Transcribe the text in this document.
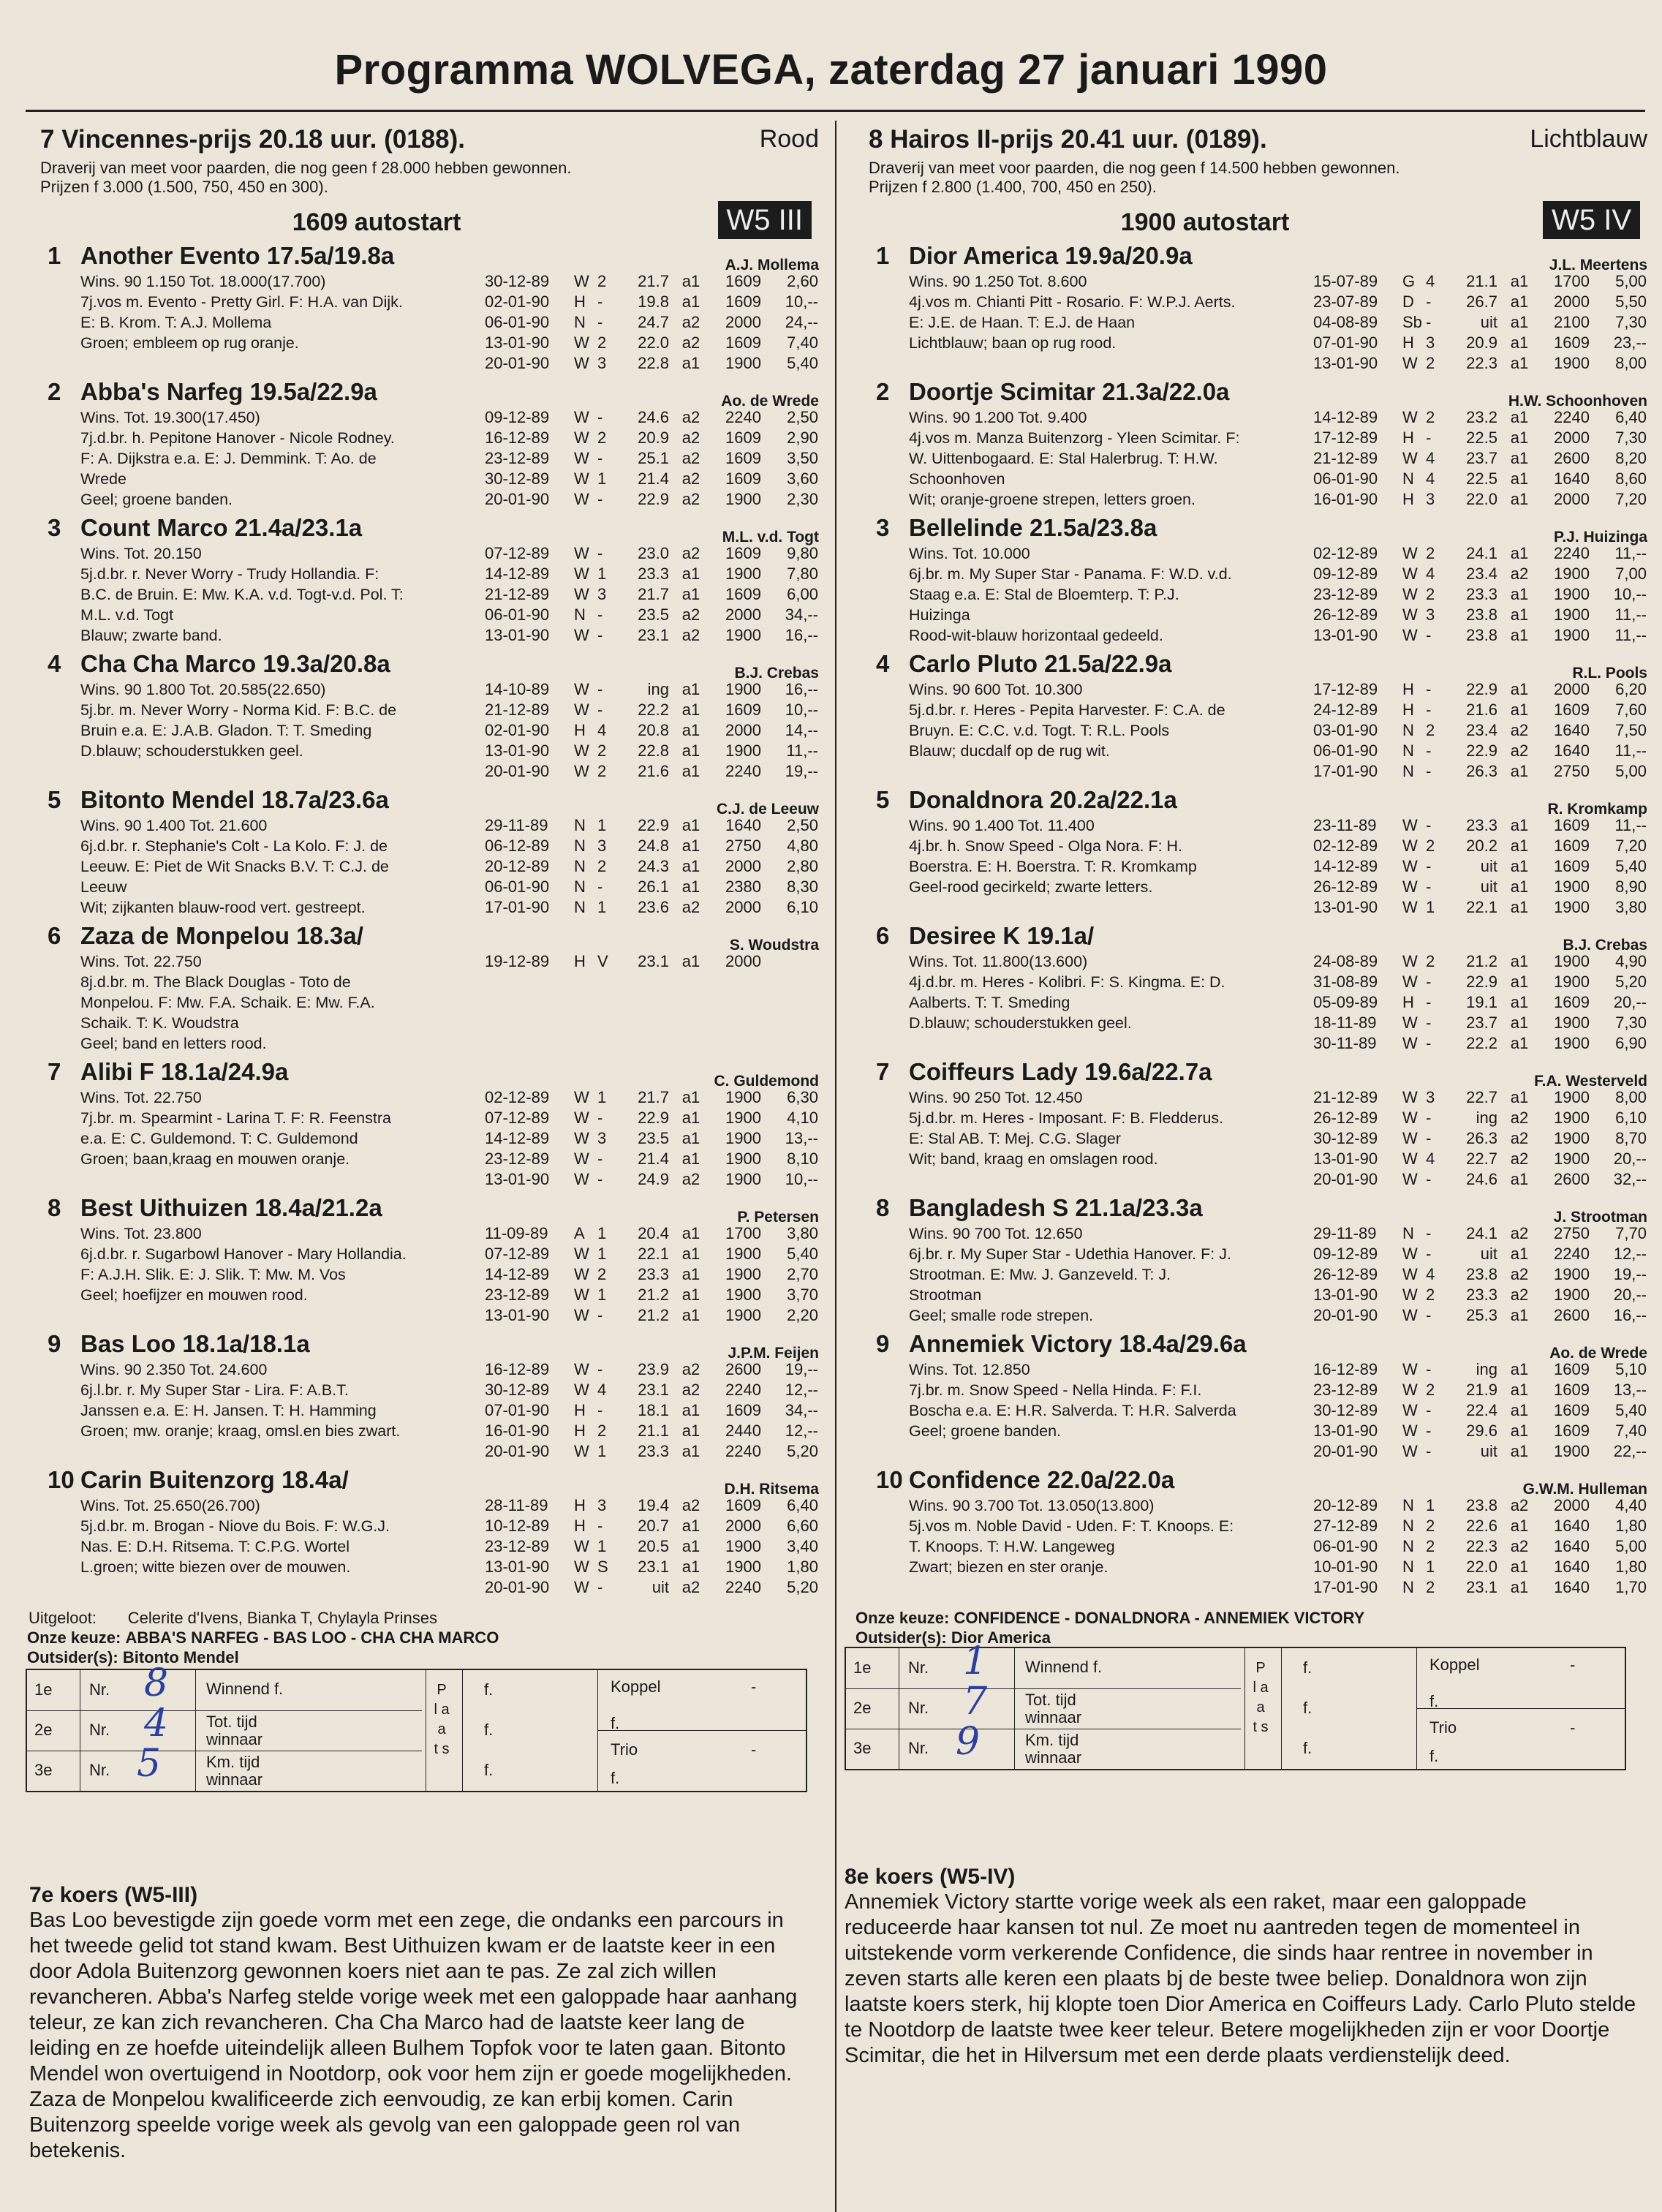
Programma WOLVEGA, zaterdag 27 januari 1990
7 Vincennes-prijs 20.18 uur. (0188).	Rood
Draverij van meet voor paarden, die nog geen f 28.000 hebben gewonnen.
Prijzen f 3.000 (1.500, 750, 450 en 300).
1609 autostart	W5 III
1 Another Evento 17.5a/19.8a	A.J. Mollema
Wins. 90 1.150 Tot. 18.000(17.700)
7j.vos m. Evento - Pretty Girl. F: H.A. van Dijk.
E: B. Krom. T: A.J. Mollema
Groen; embleem op rug oranje.
30-12-89	W 2	21.7 a1	1609	2,60
02-01-90	H -	19.8 a1	1609	10,--
06-01-90	N -	24.7 a2	2000	24,--
13-01-90	W 2	22.0 a2	1609	7,40
20-01-90	W 3	22.8 a1	1900	5,40
2 Abba's Narfeg 19.5a/22.9a	Ao. de Wrede
Wins. Tot. 19.300(17.450)
7j.d.br. h. Pepitone Hanover - Nicole Rodney.
F: A. Dijkstra e.a. E: J. Demmink. T: Ao. de
Wrede
Geel; groene banden.
09-12-89	W -	24.6 a2	2240	2,50
16-12-89	W 2	20.9 a2	1609	2,90
23-12-89	W -	25.1 a2	1609	3,50
30-12-89	W 1	21.4 a2	1609	3,60
20-01-90	W -	22.9 a2	1900	2,30
3 Count Marco 21.4a/23.1a	M.L. v.d. Togt
Wins. Tot. 20.150
5j.d.br. r. Never Worry - Trudy Hollandia. F:
B.C. de Bruin. E: Mw. K.A. v.d. Togt-v.d. Pol. T:
M.L. v.d. Togt
Blauw; zwarte band.
07-12-89	W -	23.0 a2	1609	9,80
14-12-89	W 1	23.3 a1	1900	7,80
21-12-89	W 3	21.7 a1	1609	6,00
06-01-90	N -	23.5 a2	2000	34,--
13-01-90	W -	23.1 a2	1900	16,--
4 Cha Cha Marco 19.3a/20.8a	B.J. Crebas
Wins. 90 1.800 Tot. 20.585(22.650)
5j.br. m. Never Worry - Norma Kid. F: B.C. de
Bruin e.a. E: J.A.B. Gladon. T: T. Smeding
D.blauw; schouderstukken geel.
14-10-89	W -	ing a1	1900	16,--
21-12-89	W -	22.2 a1	1609	10,--
02-01-90	H 4	20.8 a1	2000	14,--
13-01-90	W 2	22.8 a1	1900	11,--
20-01-90	W 2	21.6 a1	2240	19,--
5 Bitonto Mendel 18.7a/23.6a	C.J. de Leeuw
Wins. 90 1.400 Tot. 21.600
6j.d.br. r. Stephanie's Colt - La Kolo. F: J. de
Leeuw. E: Piet de Wit Snacks B.V. T: C.J. de
Leeuw
Wit; zijkanten blauw-rood vert. gestreept.
29-11-89	N 1	22.9 a1	1640	2,50
06-12-89	N 3	24.8 a1	2750	4,80
20-12-89	N 2	24.3 a1	2000	2,80
06-01-90	N -	26.1 a1	2380	8,30
17-01-90	N 1	23.6 a2	2000	6,10
6 Zaza de Monpelou 18.3a/	S. Woudstra
Wins. Tot. 22.750
8j.d.br. m. The Black Douglas - Toto de
Monpelou. F: Mw. F.A. Schaik. E: Mw. F.A.
Schaik. T: K. Woudstra
Geel; band en letters rood.
19-12-89	H V	23.1 a1	2000
7 Alibi F 18.1a/24.9a	C. Guldemond
Wins. Tot. 22.750
7j.br. m. Spearmint - Larina T. F: R. Feenstra
e.a. E: C. Guldemond. T: C. Guldemond
Groen; baan,kraag en mouwen oranje.
02-12-89	W 1	21.7 a1	1900	6,30
07-12-89	W -	22.9 a1	1900	4,10
14-12-89	W 3	23.5 a1	1900	13,--
23-12-89	W -	21.4 a1	1900	8,10
13-01-90	W -	24.9 a2	1900	10,--
8 Best Uithuizen 18.4a/21.2a	P. Petersen
Wins. Tot. 23.800
6j.d.br. r. Sugarbowl Hanover - Mary Hollandia.
F: A.J.H. Slik. E: J. Slik. T: Mw. M. Vos
Geel; hoefijzer en mouwen rood.
11-09-89	A 1	20.4 a1	1700	3,80
07-12-89	W 1	22.1 a1	1900	5,40
14-12-89	W 2	23.3 a1	1900	2,70
23-12-89	W 1	21.2 a1	1900	3,70
13-01-90	W -	21.2 a1	1900	2,20
9 Bas Loo 18.1a/18.1a	J.P.M. Feijen
Wins. 90 2.350 Tot. 24.600
6j.l.br. r. My Super Star - Lira. F: A.B.T.
Janssen e.a. E: H. Jansen. T: H. Hamming
Groen; mw. oranje; kraag, omsl.en bies zwart.
16-12-89	W -	23.9 a2	2600	19,--
30-12-89	W 4	23.1 a2	2240	12,--
07-01-90	H -	18.1 a1	1609	34,--
16-01-90	H 2	21.1 a1	2440	12,--
20-01-90	W 1	23.3 a1	2240	5,20
10 Carin Buitenzorg 18.4a/	D.H. Ritsema
Wins. Tot. 25.650(26.700)
5j.d.br. m. Brogan - Niove du Bois. F: W.G.J.
Nas. E: D.H. Ritsema. T: C.P.G. Wortel
L.groen; witte biezen over de mouwen.
28-11-89	H 3	19.4 a2	1609	6,40
10-12-89	H -	20.7 a1	2000	6,60
23-12-89	W 1	20.5 a1	1900	3,40
13-01-90	W S	23.1 a1	1900	1,80
20-01-90	W -	uit a2	2240	5,20
Uitgeloot: Celerite d'Ivens, Bianka T, Chylayla Prinses
Onze keuze: ABBA'S NARFEG - BAS LOO - CHA CHA MARCO
Outsider(s): Bitonto Mendel
8 Hairos II-prijs 20.41 uur. (0189).	Lichtblauw
Draverij van meet voor paarden, die nog geen f 14.500 hebben gewonnen.
Prijzen f 2.800 (1.400, 700, 450 en 250).
1900 autostart	W5 IV
1 Dior America 19.9a/20.9a	J.L. Meertens
Wins. 90 1.250 Tot. 8.600
4j.vos m. Chianti Pitt - Rosario. F: W.P.J. Aerts.
E: J.E. de Haan. T: E.J. de Haan
Lichtblauw; baan op rug rood.
15-07-89	G 4	21.1 a1	1700	5,00
23-07-89	D -	26.7 a1	2000	5,50
04-08-89	Sb -	uit a1	2100	7,30
07-01-90	H 3	20.9 a1	1609	23,--
13-01-90	W 2	22.3 a1	1900	8,00
2 Doortje Scimitar 21.3a/22.0a	H.W. Schoonhoven
Wins. 90 1.200 Tot. 9.400
4j.vos m. Manza Buitenzorg - Yleen Scimitar. F:
W. Uittenbogaard. E: Stal Halerbrug. T: H.W.
Schoonhoven
Wit; oranje-groene strepen, letters groen.
14-12-89	W 2	23.2 a1	2240	6,40
17-12-89	H -	22.5 a1	2000	7,30
21-12-89	W 4	23.7 a1	2600	8,20
06-01-90	N 4	22.5 a1	1640	8,60
16-01-90	H 3	22.0 a1	2000	7,20
3 Bellelinde 21.5a/23.8a	P.J. Huizinga
Wins. Tot. 10.000
6j.br. m. My Super Star - Panama. F: W.D. v.d.
Staag e.a. E: Stal de Bloemterp. T: P.J.
Huizinga
Rood-wit-blauw horizontaal gedeeld.
02-12-89	W 2	24.1 a1	2240	11,--
09-12-89	W 4	23.4 a2	1900	7,00
23-12-89	W 2	23.3 a1	1900	10,--
26-12-89	W 3	23.8 a1	1900	11,--
13-01-90	W -	23.8 a1	1900	11,--
4 Carlo Pluto 21.5a/22.9a	R.L. Pools
Wins. 90 600 Tot. 10.300
5j.d.br. r. Heres - Pepita Harvester. F: C.A. de
Bruyn. E: C.C. v.d. Togt. T: R.L. Pools
Blauw; ducdalf op de rug wit.
17-12-89	H -	22.9 a1	2000	6,20
24-12-89	H -	21.6 a1	1609	7,60
03-01-90	N 2	23.4 a2	1640	7,50
06-01-90	N -	22.9 a2	1640	11,--
17-01-90	N -	26.3 a1	2750	5,00
5 Donaldnora 20.2a/22.1a	R. Kromkamp
Wins. 90 1.400 Tot. 11.400
4j.br. h. Snow Speed - Olga Nora. F: H.
Boerstra. E: H. Boerstra. T: R. Kromkamp
Geel-rood gecirkeld; zwarte letters.
23-11-89	W -	23.3 a1	1609	11,--
02-12-89	W 2	20.2 a1	1609	7,20
14-12-89	W -	uit a1	1609	5,40
26-12-89	W -	uit a1	1900	8,90
13-01-90	W 1	22.1 a1	1900	3,80
6 Desiree K 19.1a/	B.J. Crebas
Wins. Tot. 11.800(13.600)
4j.d.br. m. Heres - Kolibri. F: S. Kingma. E: D.
Aalberts. T: T. Smeding
D.blauw; schouderstukken geel.
24-08-89	W 2	21.2 a1	1900	4,90
31-08-89	W -	22.9 a1	1900	5,20
05-09-89	H -	19.1 a1	1609	20,--
18-11-89	W -	23.7 a1	1900	7,30
30-11-89	W -	22.2 a1	1900	6,90
7 Coiffeurs Lady 19.6a/22.7a	F.A. Westerveld
Wins. 90 250 Tot. 12.450
5j.d.br. m. Heres - Imposant. F: B. Fledderus.
E: Stal AB. T: Mej. C.G. Slager
Wit; band, kraag en omslagen rood.
21-12-89	W 3	22.7 a1	1900	8,00
26-12-89	W -	ing a2	1900	6,10
30-12-89	W -	26.3 a2	1900	8,70
13-01-90	W 4	22.7 a2	1900	20,--
20-01-90	W -	24.6 a1	2600	32,--
8 Bangladesh S 21.1a/23.3a	J. Strootman
Wins. 90 700 Tot. 12.650
6j.br. r. My Super Star - Udethia Hanover. F: J.
Strootman. E: Mw. J. Ganzeveld. T: J.
Strootman
Geel; smalle rode strepen.
29-11-89	N -	24.1 a2	2750	7,70
09-12-89	W -	uit a1	2240	12,--
26-12-89	W 4	23.8 a2	1900	19,--
13-01-90	W 2	23.3 a2	1900	20,--
20-01-90	W -	25.3 a1	2600	16,--
9 Annemiek Victory 18.4a/29.6a	Ao. de Wrede
Wins. Tot. 12.850
7j.br. m. Snow Speed - Nella Hinda. F: F.I.
Boscha e.a. E: H.R. Salverda. T: H.R. Salverda
Geel; groene banden.
16-12-89	W -	ing a1	1609	5,10
23-12-89	W 2	21.9 a1	1609	13,--
30-12-89	W -	22.4 a1	1609	5,40
13-01-90	W -	29.6 a1	1609	7,40
20-01-90	W -	uit a1	1900	22,--
10 Confidence 22.0a/22.0a	G.W.M. Hulleman
Wins. 90 3.700 Tot. 13.050(13.800)
5j.vos m. Noble David - Uden. F: T. Knoops. E:
T. Knoops. T: H.W. Langeweg
Zwart; biezen en ster oranje.
20-12-89	N 1	23.8 a2	2000	4,40
27-12-89	N 2	22.6 a1	1640	1,80
06-01-90	N 2	22.3 a2	1640	5,00
10-01-90	N 1	22.0 a1	1640	1,80
17-01-90	N 2	23.1 a1	1640	1,70
Onze keuze: CONFIDENCE - DONALDNORA - ANNEMIEK VICTORY
Outsider(s): Dior America
1e Nr.	Winnend f.
8	f.
2e Nr.	Tot. tijd winnaar
4	f.
3e Nr.	Km. tijd winnaar
5	f.
P l a a t s
Koppel	-
f.
Trio	-
f.
1e Nr.	Winnend f.
1	f.
2e Nr.	Tot. tijd winnaar
7	f.
3e Nr.	Km. tijd winnaar
9	f.
P l a a t s
Koppel	-
f.
Trio	-
f.
7e koers (W5-III)

Bas Loo bevestigde zijn goede vorm met een zege, die ondanks een parcours in het tweede gelid tot stand kwam. Best Uithuizen kwam er de laatste keer in een door Adola Buitenzorg gewonnen koers niet aan te pas. Ze zal zich willen revancheren. Abba's Narfeg stelde vorige week met een galoppade haar aanhang teleur, ze kan zich revancheren. Cha Cha Marco had de laatste keer lang de leiding en ze hoefde uiteindelijk alleen Bulhem Topfok voor te laten gaan. Bitonto Mendel won overtuigend in Nootdorp, ook voor hem zijn er goede mogelijkheden. Zaza de Monpelou kwalificeerde zich eenvoudig, ze kan erbij komen. Carin Buitenzorg speelde vorige week als gevolg van een galoppade geen rol van betekenis.

8e koers (W5-IV)

Annemiek Victory startte vorige week als een raket, maar een galoppade reduceerde haar kansen tot nul. Ze moet nu aantreden tegen de momenteel in uitstekende vorm verkerende Confidence, die sinds haar rentree in november in zeven starts alle keren een plaats bj de beste twee beliep. Donaldnora won zijn laatste koers sterk, hij klopte toen Dior America en Coiffeurs Lady. Carlo Pluto stelde te Nootdorp de laatste twee keer teleur. Betere mogelijkheden zijn er voor Doortje Scimitar, die het in Hilversum met een derde plaats verdienstelijk deed.
